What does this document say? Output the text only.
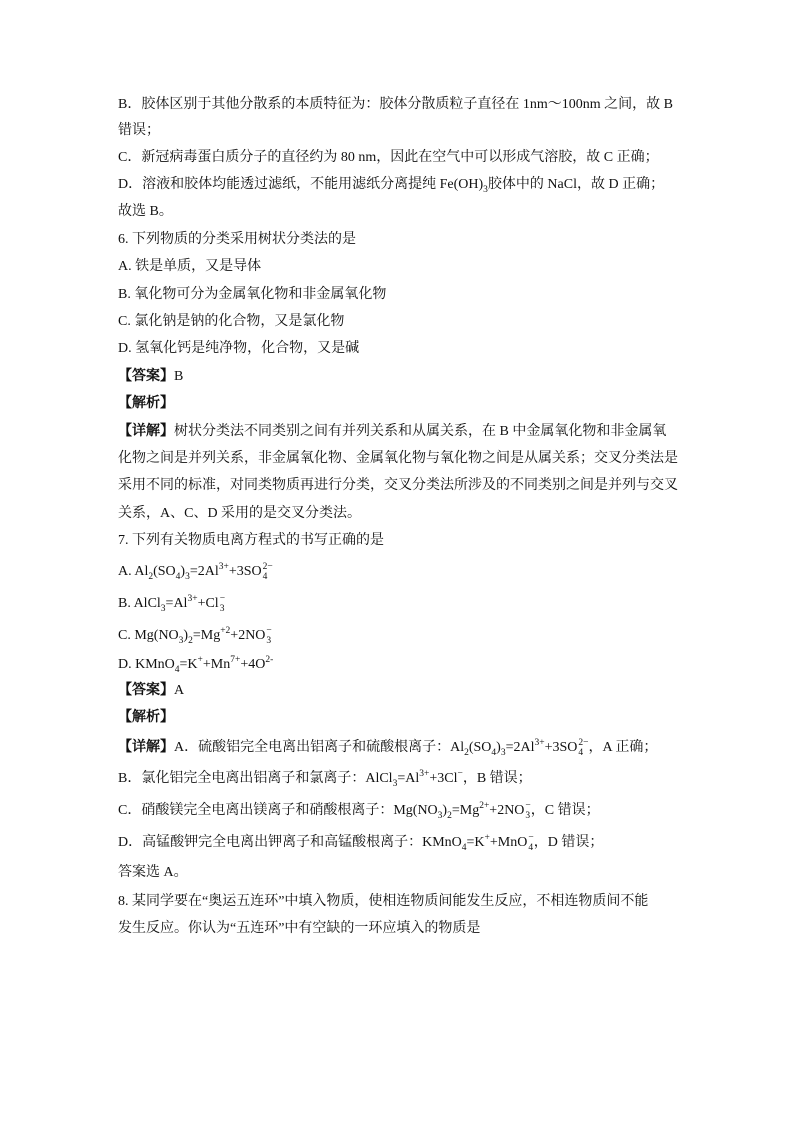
B．胶体区别于其他分散系的本质特征为：胶体分散质粒子直径在 1nm～100nm 之间，故 B
错误；
C．新冠病毒蛋白质分子的直径约为 80 nm，因此在空气中可以形成气溶胶，故 C 正确；
D．溶液和胶体均能透过滤纸，不能用滤纸分离提纯 $Fe(OH)_3$胶体中的 NaCl，故 D 正确；
故选 B。
6. 下列物质的分类采用树状分类法的是
A. 铁是单质，又是导体
B. 氧化物可分为金属氧化物和非金属氧化物
C. 氯化钠是钠的化合物，又是氯化物
D. 氢氧化钙是纯净物，化合物，又是碱
【答案】B
【解析】
【详解】树状分类法不同类别之间有并列关系和从属关系，在 B 中金属氧化物和非金属氧
化物之间是并列关系，非金属氧化物、金属氧化物与氧化物之间是从属关系；交叉分类法是
采用不同的标准，对同类物质再进行分类，交叉分类法所涉及的不同类别之间是并列与交叉
关系，A、C、D 采用的是交叉分类法。
7. 下列有关物质电离方程式的书写正确的是
A. $Al_2(SO_4)_3=2Al^{3+}+3SO$ 2−
4
B. $AlCl_3=Al^{3+}+Cl$ −
3
C. $Mg(NO_3)_2=Mg^{+2}+2NO$ −
3
D. $KMnO_4=K^++Mn^{7+}+4O^{2-}$
【答案】A
【解析】
【详解】A．硫酸铝完全电离出铝离子和硫酸根离子：$Al_2(SO_4)_3=2Al^{3+}+3SO$ 2−
4 ，A 正确；
B．氯化铝完全电离出铝离子和氯离子：$AlCl_3=Al^{3+}+3Cl^-$，B 错误；
C．硝酸镁完全电离出镁离子和硝酸根离子：$Mg(NO_3)_2=Mg^{2+}+2NO$ −
3 ，C 错误；
D．高锰酸钾完全电离出钾离子和高锰酸根离子：KMnO$_4$=K++MnO −
4 ，D 错误；
答案选 A。
8. 某同学要在“奥运五连环”中填入物质，使相连物质间能发生反应，不相连物质间不能
发生反应。你认为“五连环”中有空缺的一环应填入的物质是
